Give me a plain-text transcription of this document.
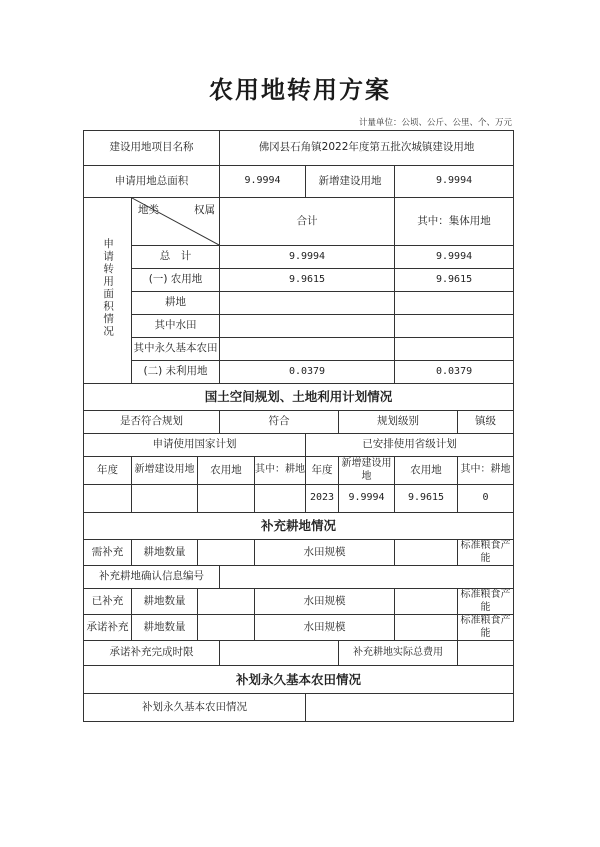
农用地转用方案
计量单位：公顷、公斤、公里、个、万元
建设用地项目名称			佛冈县石角镇2022年度第五批次城镇建设用地					
申请用地总面积			9.9994		新增建设用地		9.9994	
申请转用面积情况	地类 权属		合计				其中：集体用地	
	总　计		9.9994				9.9994	
	(一) 农用地		9.9615				9.9615	
	耕地							
	其中水田							
	其中永久基本农田							
	(二) 未利用地		0.0379				0.0379	
国土空间规划、土地利用计划情况								
是否符合规划			符合			规划级别		镇级
申请使用国家计划					已安排使用省级计划			
年度	新增建设用地	农用地		其中：耕地	年度	新增建设用地	农用地	其中：耕地
					2023	9.9994	9.9615	0
补充耕地情况								
需补充	耕地数量			水田规模				标准粮食产能
补充耕地确认信息编号								
已补充	耕地数量			水田规模				标准粮食产能
承诺补充	耕地数量			水田规模				标准粮食产能
承诺补充完成时限						补充耕地实际总费用		
补划永久基本农田情况								
补划永久基本农田情况								
